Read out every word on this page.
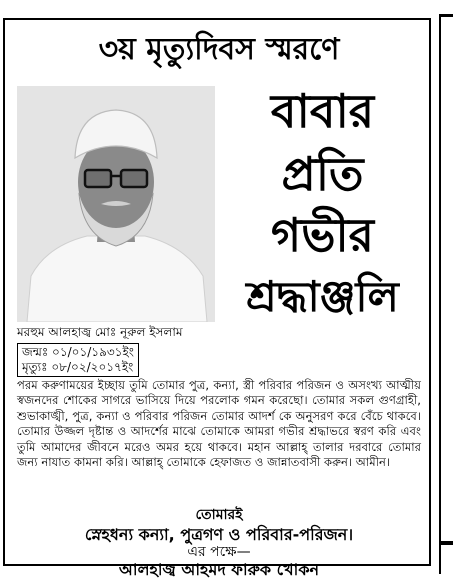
৩য় মৃত্যুদিবস স্মরণে
বাবার
প্রতি
গভীর
শ্রদ্ধাঞ্জলি
মরহুম আলহাজ্ব মোঃ নূরুল ইসলাম
জন্মঃ ০১/০১/১৯৩১ইং
মৃত্যুঃ ০৮/০২/২০১৭ইং
পরম করুণাময়ের ইচ্ছায় তুমি তোমার পুত্র, কন্যা, স্ত্রী পরিবার পরিজন ও অসংখ্য আত্মীয় স্বজনদের শোকের সাগরে ভাসিয়ে দিয়ে পরলোক গমন করেছো। তোমার সকল গুণগ্রাহী, শুভাকাঙ্খী, পুত্র, কন্যা ও পরিবার পরিজন তোমার আদর্শ কে অনুসরণ করে বেঁচে থাকবে। তোমার উজ্জল দৃষ্টান্ত ও আদর্শের মাঝে তোমাকে আমরা গভীর শ্রদ্ধাভরে স্বরণ করি এবং তুমি আমাদের জীবনে মরেও অমর হয়ে থাকবে। মহান আল্লাহ্‌ তালার দরবারে তোমার জন্য নাযাত কামনা করি। আল্লাহ্‌ তোমাকে হেফাজত ও জান্নাতবাসী করুন। আমীন।
তোমারই
স্নেহধন্য কন্যা, পুত্রগণ ও পরিবার-পরিজন।
এর পক্ষে—
আলহাজ্ব আহমদ ফারুক খোকন
